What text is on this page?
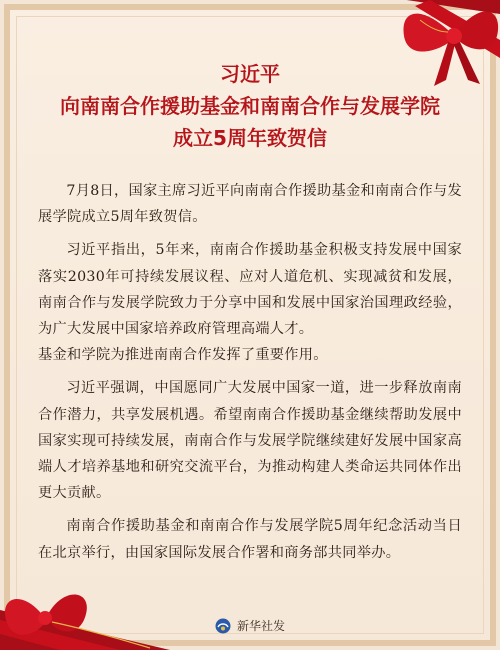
习近平
向南南合作援助基金和南南合作与发展学院
成立5周年致贺信

7月8日，国家主席习近平向南南合作援助基金和南南合作与发展学院成立5周年致贺信。

习近平指出，5年来，南南合作援助基金积极支持发展中国家落实2030年可持续发展议程、应对人道危机、实现减贫和发展，南南合作与发展学院致力于分享中国和发展中国家治国理政经验，为广大发展中国家培养政府管理高端人才。

基金和学院为推进南南合作发挥了重要作用。

习近平强调，中国愿同广大发展中国家一道，进一步释放南南合作潜力，共享发展机遇。希望南南合作援助基金继续帮助发展中国家实现可持续发展，南南合作与发展学院继续建好发展中国家高端人才培养基地和研究交流平台，为推动构建人类命运共同体作出更大贡献。

南南合作援助基金和南南合作与发展学院5周年纪念活动当日在北京举行，由国家国际发展合作署和商务部共同举办。

新华社发
